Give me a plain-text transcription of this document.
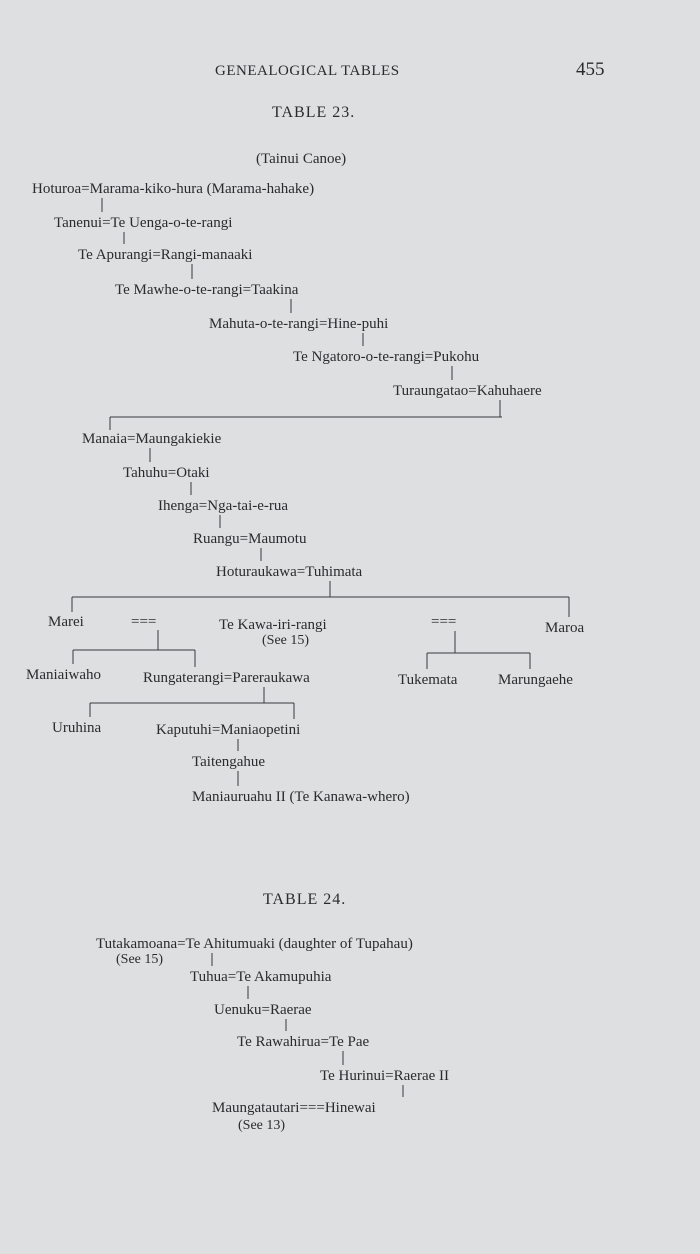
GENEALOGICAL TABLES	455
TABLE 23.
(Tainui Canoe)
Hoturoa=Marama-kiko-hura (Marama-hahake)
Tanenui=Te Uenga-o-te-rangi
Te Apurangi=Rangi-manaaki
Te Mawhe-o-te-rangi=Taakina
Mahuta-o-te-rangi=Hine-puhi
Te Ngatoro-o-te-rangi=Pukohu
Turaungatao=Kahuhaere
Manaia=Maungakiekie
Tahuhu=Otaki
Ihenga=Nga-tai-e-rua
Ruangu=Maumotu
Hoturaukawa=Tuhimata
Marei	===	Te Kawa-iri-rangi
(See 15)
===	Maroa
Maniaiwaho	Rungaterangi=Pareraukawa	Tukemata	Marungaehe
Uruhina	Kaputuhi=Maniaopetini
Taitengahue
Maniauruahu II (Te Kanawa-whero)
TABLE 24.
Tutakamoana=Te Ahitumuaki (daughter of Tupahau)
(See 15)
Tuhua=Te Akamupuhia
Uenuku=Raerae
Te Rawahirua=Te Pae
Te Hurinui=Raerae II
Maungatautari===Hinewai
(See 13)
